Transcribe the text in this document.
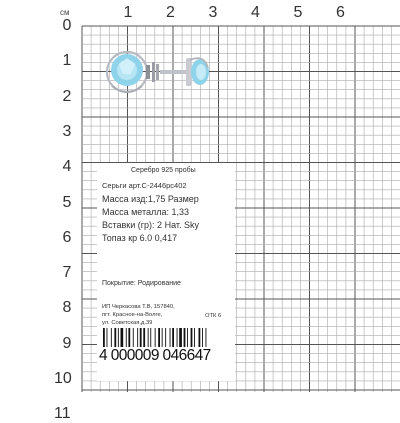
см	1	2	3	4	5	6
0
1
2
3
4
5
6
7
8
9
10
11
Серебро 925 пробы
Серьги арт.С-2446рс402
Масса изд:1,75 Размер
Масса металла: 1,33
Вставки (гр): 2 Нат. Sky
Топаз кр 6.0 0,417
Покрытие: Родирование
ИП Черкасова Т.В, 157840,
пгт. Красное-на-Волге,
ул. Советская,д.39
ОТК 6
4 000009 046647
